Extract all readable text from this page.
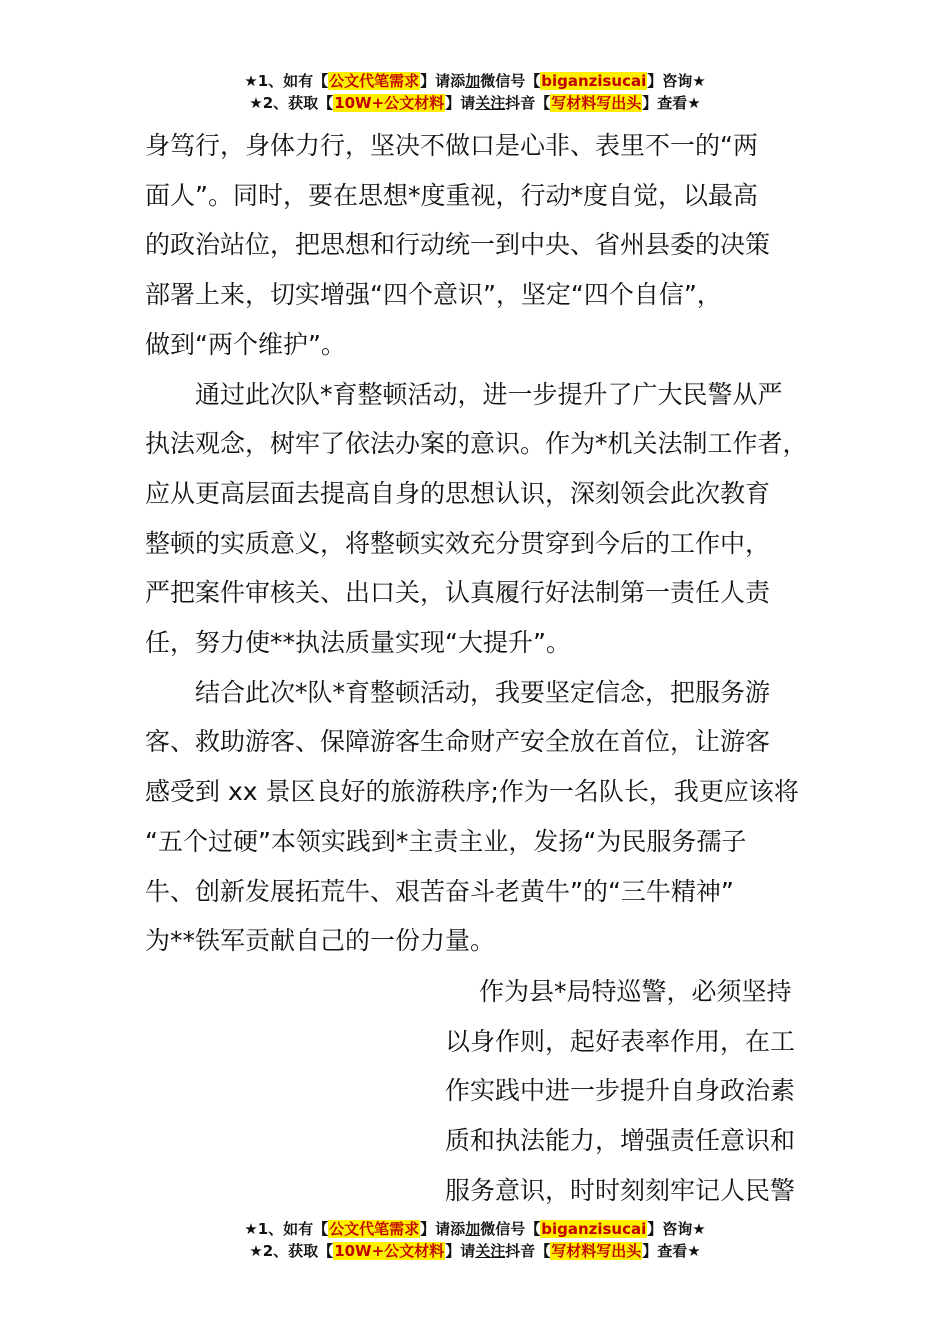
★1、如有【公文代笔需求】请添加微信号【biganzisucai】咨询★
★2、获取【10W+公文材料】请关注抖音【写材料写出头】查看★

身笃行，身体力行，坚决不做口是心非、表里不一的“两
面人”。同时，要在思想*度重视，行动*度自觉，以最高
的政治站位，把思想和行动统一到中央、省州县委的决策
部署上来，切实增强“四个意识”，坚定“四个自信”，
做到“两个维护”。

　　通过此次队*育整顿活动，进一步提升了广大民警从严
执法观念，树牢了依法办案的意识。作为*机关法制工作者，
应从更高层面去提高自身的思想认识，深刻领会此次教育
整顿的实质意义，将整顿实效充分贯穿到今后的工作中，
严把案件审核关、出口关，认真履行好法制第一责任人责
任，努力使**执法质量实现“大提升”。

　　结合此次*队*育整顿活动，我要坚定信念，把服务游
客、救助游客、保障游客生命财产安全放在首位，让游客
感受到 xx 景区良好的旅游秩序;作为一名队长，我更应该将
“五个过硬”本领实践到*主责主业，发扬“为民服务孺子
牛、创新发展拓荒牛、艰苦奋斗老黄牛”的“三牛精神”
为**铁军贡献自己的一份力量。

作为县*局特巡警，必须坚持
以身作则，起好表率作用，在工
作实践中进一步提升自身政治素
质和执法能力，增强责任意识和
服务意识，时时刻刻牢记人民警
★1、如有【公文代笔需求】请添加微信号【biganzisucai】咨询★
★2、获取【10W+公文材料】请关注抖音【写材料写出头】查看★
